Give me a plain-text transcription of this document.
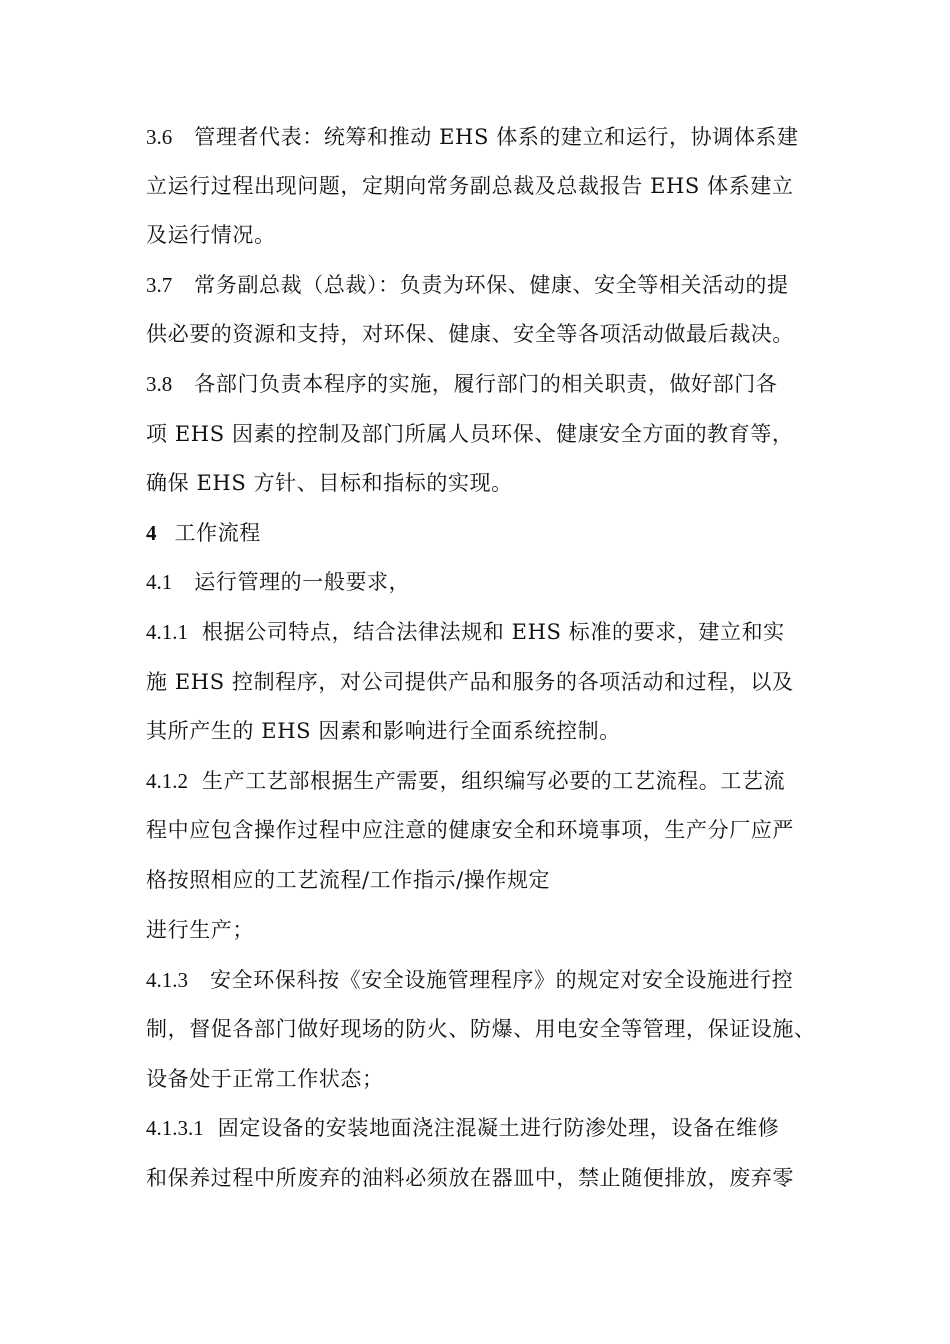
3.6 管理者代表：统筹和推动 EHS 体系的建立和运行，协调体系建
立运行过程出现问题，定期向常务副总裁及总裁报告 EHS 体系建立
及运行情况。
3.7 常务副总裁（总裁）：负责为环保、健康、安全等相关活动的提
供必要的资源和支持，对环保、健康、安全等各项活动做最后裁决。
3.8 各部门负责本程序的实施，履行部门的相关职责，做好部门各
项 EHS 因素的控制及部门所属人员环保、健康安全方面的教育等，
确保 EHS 方针、目标和指标的实现。
4 工作流程
4.1 运行管理的一般要求，
4.1.1 根据公司特点，结合法律法规和 EHS 标准的要求，建立和实
施 EHS 控制程序，对公司提供产品和服务的各项活动和过程，以及
其所产生的 EHS 因素和影响进行全面系统控制。
4.1.2 生产工艺部根据生产需要，组织编写必要的工艺流程。工艺流
程中应包含操作过程中应注意的健康安全和环境事项，生产分厂应严
格按照相应的工艺流程/工作指示/操作规定
进行生产；
4.1.3 安全环保科按《安全设施管理程序》的规定对安全设施进行控
制，督促各部门做好现场的防火、防爆、用电安全等管理，保证设施、
设备处于正常工作状态；
4.1.3.1 固定设备的安装地面浇注混凝土进行防渗处理，设备在维修
和保养过程中所废弃的油料必须放在器皿中，禁止随便排放，废弃零
